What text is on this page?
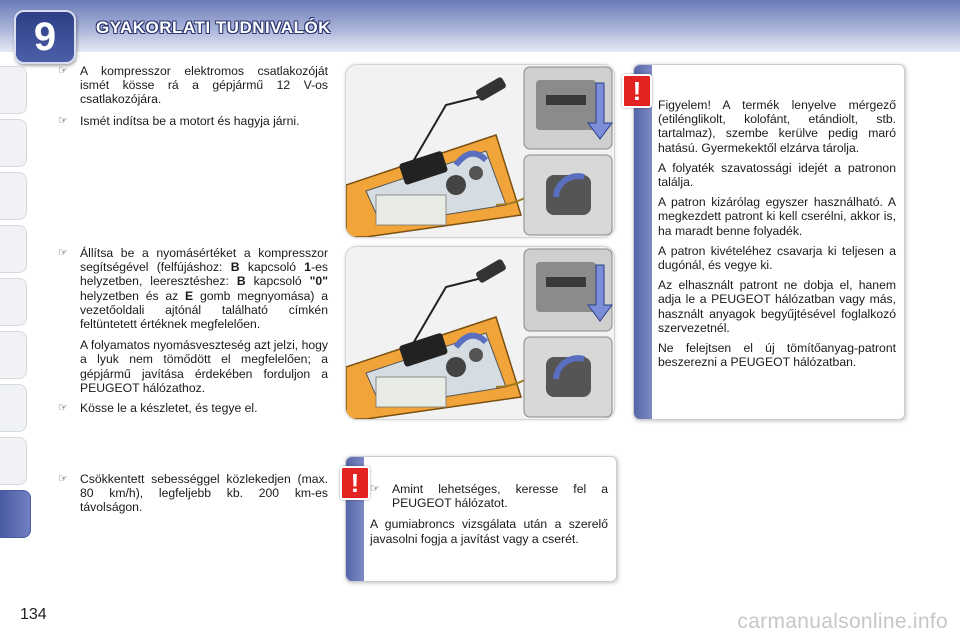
9	GYAKORLATI TUDNIVALÓK
☞ A kompresszor elektromos csatlakozóját ismét kösse rá a gépjármű 12 V-os csatlakozójára.
☞ Ismét indítsa be a motort és hagyja járni.
☞ Állítsa be a nyomásértéket a kompresszor segítségével (felfújáshoz: B kapcsoló 1-es helyzetben, leeresztéshez: B kapcsoló "0" helyzetben és az E gomb megnyomása) a vezetőoldali ajtónál található címkén feltüntetett értéknek megfelelően.

A folyamatos nyomásveszteség azt jelzi, hogy a lyuk nem tömődött el megfelelően; a gépjármű javítása érdekében forduljon a PEUGEOT hálózathoz.

☞ Kösse le a készletet, és tegye el.
☞ Csökkentett sebességgel közlekedjen (max. 80 km/h), legfeljebb kb. 200 km-es távolságon.
!	Figyelem! A termék lenyelve mérgező (etilénglikolt, kolofánt, etándiolt, stb. tartalmaz), szembe kerülve pedig maró hatású. Gyermekektől elzárva tárolja.

A folyaték szavatossági idejét a patronon találja.

A patron kizárólag egyszer használható. A megkezdett patront ki kell cserélni, akkor is, ha maradt benne folyadék.

A patron kivételéhez csavarja ki teljesen a dugónál, és vegye ki.

Az elhasznált patront ne dobja el, hanem adja le a PEUGEOT hálózatban vagy más, használt anyagok begyűjtésével foglalkozó szervezetnél.

Ne felejtsen el új tömítőanyag-patront beszerezni a PEUGEOT hálózatban.

! ☞ Amint lehetséges, keresse fel a PEUGEOT hálózatot.

A gumiabroncs vizsgálata után a szerelő javasolni fogja a javítást vagy a cserét.

134	carmanualsonline.info
